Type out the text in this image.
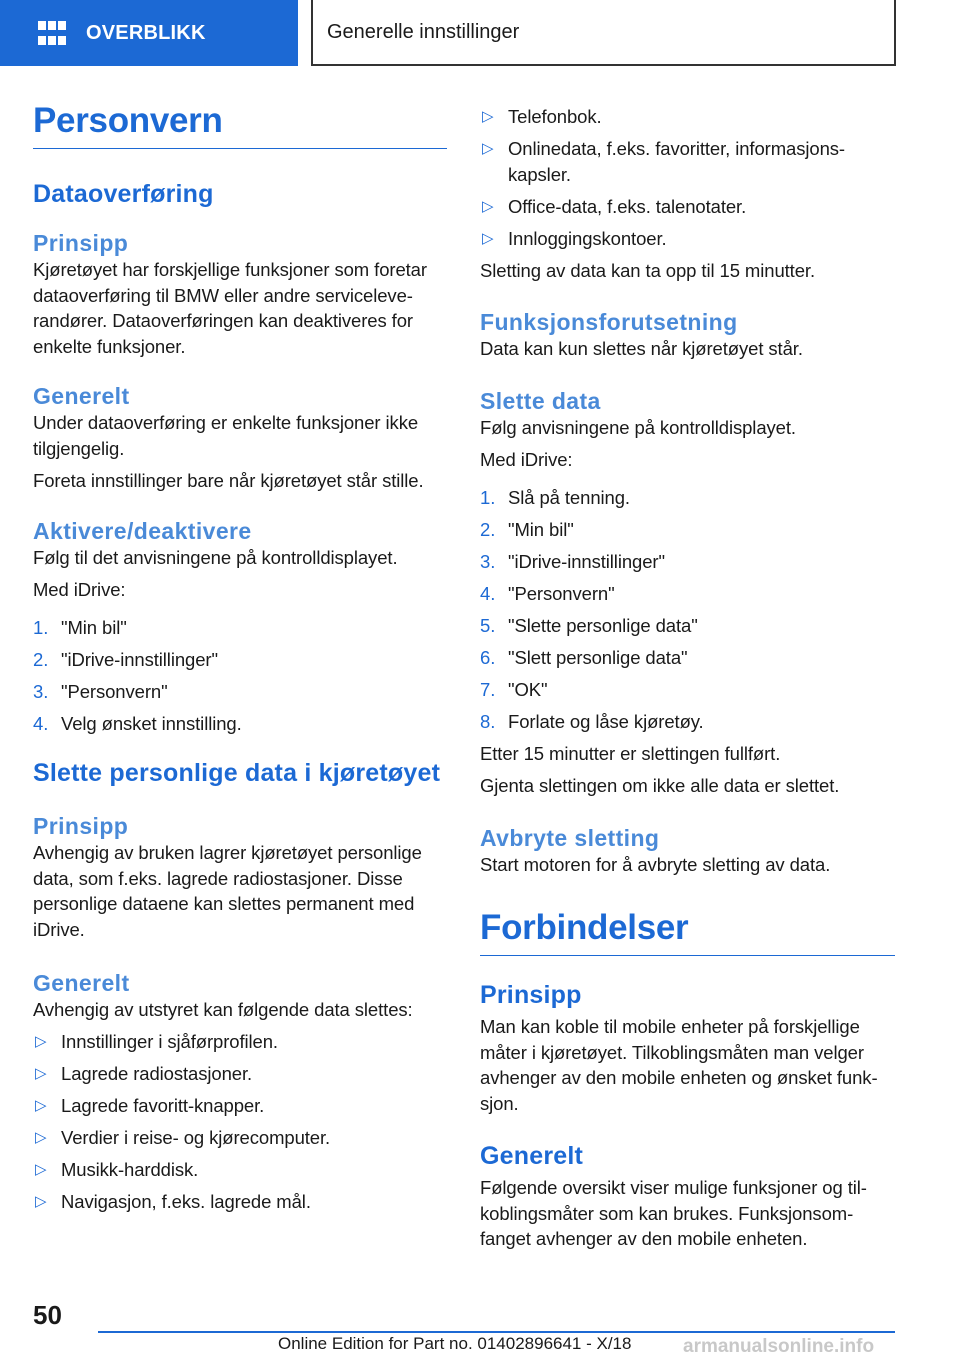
OVERBLIKK	Generelle innstillinger
Personvern
Dataoverføring
Prinsipp

Kjøretøyet har forskjellige funksjoner som foretar dataoverføring til BMW eller andre serviceleverandører. Dataoverføringen kan deaktiveres for enkelte funksjoner.

Generelt

Under dataoverføring er enkelte funksjoner ikke tilgjengelig.

Foreta innstillinger bare når kjøretøyet står stille.

Aktivere/deaktivere

Følg til det anvisningene på kontrolldisplayet.

Med iDrive:

1. "Min bil"
2. "iDrive-innstillinger"
3. "Personvern"
4. Velg ønsket innstilling.
Slette personlige data i kjøretøyet
Prinsipp

Avhengig av bruken lagrer kjøretøyet personlige data, som f.eks. lagrede radiostasjoner. Disse personlige dataene kan slettes permanent med iDrive.

Generelt

Avhengig av utstyret kan følgende data slettes:

▷ Innstillinger i sjåførprofilen.
▷ Lagrede radiostasjoner.
▷ Lagrede favoritt-knapper.
▷ Verdier i reise- og kjørecomputer.
▷ Musikk-harddisk.
▷ Navigasjon, f.eks. lagrede mål.
▷ Telefonbok.
▷ Onlinedata, f.eks. favoritter, informasjonskapsler.
▷ Office-data, f.eks. talenotater.
▷ Innloggingskontoer.

Sletting av data kan ta opp til 15 minutter.

Funksjonsforutsetning

Data kan kun slettes når kjøretøyet står.

Slette data

Følg anvisningene på kontrolldisplayet.

Med iDrive:

1. Slå på tenning.
2. "Min bil"
3. "iDrive-innstillinger"
4. "Personvern"
5. "Slette personlige data"
6. "Slett personlige data"
7. "OK"
8. Forlate og låse kjøretøy.

Etter 15 minutter er slettingen fullført.

Gjenta slettingen om ikke alle data er slettet.

Avbryte sletting

Start motoren for å avbryte sletting av data.

Forbindelser
Prinsipp

Man kan koble til mobile enheter på forskjellige måter i kjøretøyet. Tilkoblingsmåten man velger avhenger av den mobile enheten og ønsket funksjon.

Generelt

Følgende oversikt viser mulige funksjoner og tilkoblingsmåter som kan brukes. Funksjonsomfanget avhenger av den mobile enheten.

50
Online Edition for Part no. 01402896641 - X/18	armanualsonline.info
